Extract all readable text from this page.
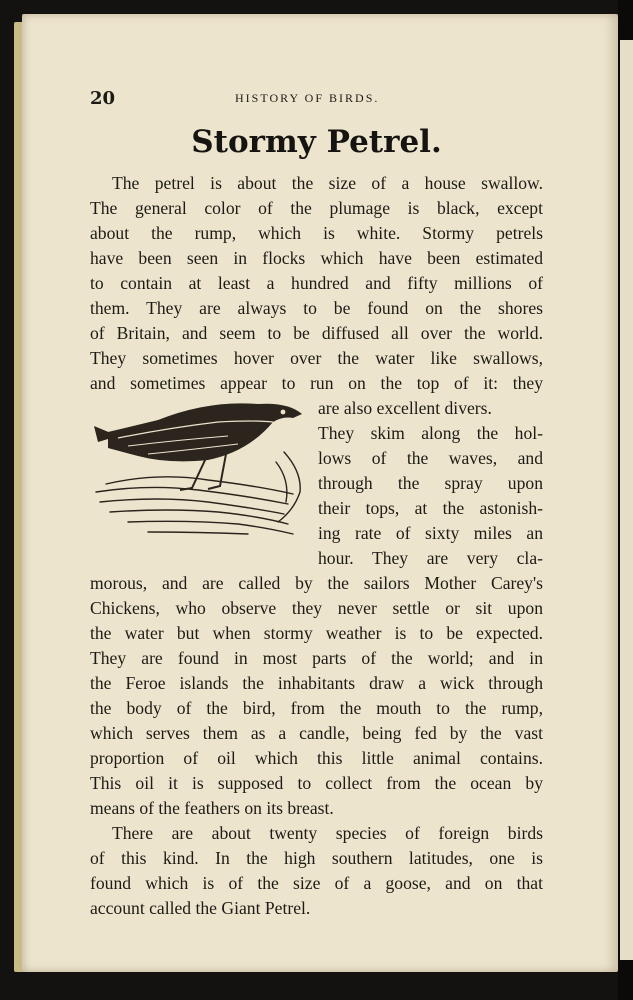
20	HISTORY OF BIRDS.
Stormy Petrel.
The petrel is about the size of a house swallow.
The general color of the plumage is black, except
about the rump, which is white. Stormy petrels
have been seen in flocks which have been estimated
to contain at least a hundred and fifty millions of
them. They are always to be found on the shores
of Britain, and seem to be diffused all over the world.
They sometimes hover over the water like swallows,
and sometimes appear to run on the top of it: they
are also excellent divers.
They skim along the hol-
lows of the waves, and
through the spray upon
their tops, at the astonish-
ing rate of sixty miles an
hour. They are very cla-
morous, and are called by the sailors Mother Carey's
Chickens, who observe they never settle or sit upon
the water but when stormy weather is to be expected.
They are found in most parts of the world; and in
the Feroe islands the inhabitants draw a wick through
the body of the bird, from the mouth to the rump,
which serves them as a candle, being fed by the vast
proportion of oil which this little animal contains.
This oil it is supposed to collect from the ocean by
means of the feathers on its breast.
There are about twenty species of foreign birds
of this kind. In the high southern latitudes, one is
found which is of the size of a goose, and on that
account called the Giant Petrel.
